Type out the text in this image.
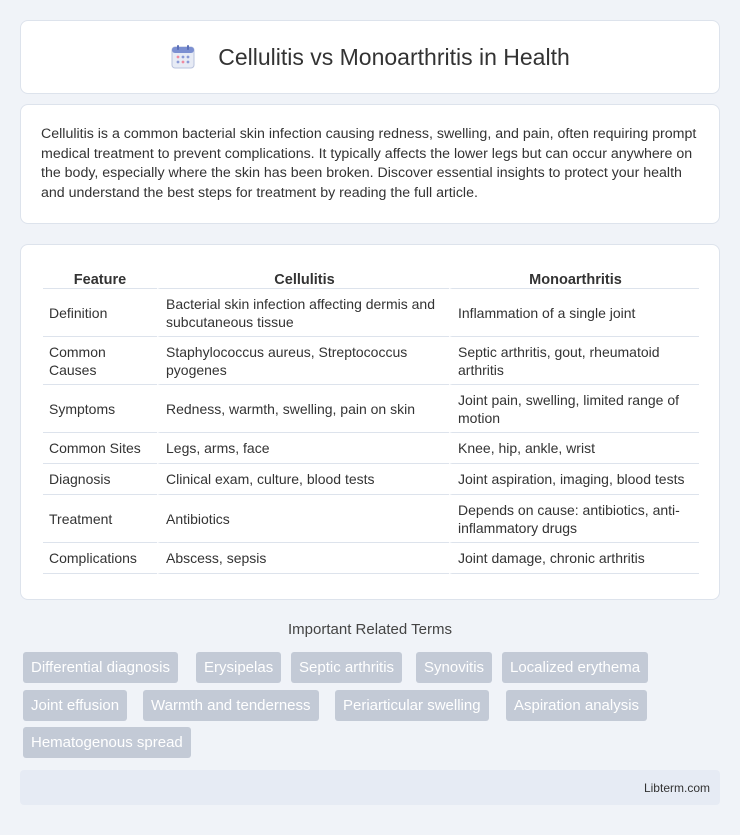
Cellulitis vs Monoarthritis in Health

Cellulitis is a common bacterial skin infection causing redness, swelling, and pain, often requiring prompt medical treatment to prevent complications. It typically affects the lower legs but can occur anywhere on the body, especially where the skin has been broken. Discover essential insights to protect your health and understand the best steps for treatment by reading the full article.

Feature	Cellulitis	Monoarthritis
Definition	Bacterial skin infection affecting dermis and subcutaneous tissue	Inflammation of a single joint
Common Causes	Staphylococcus aureus, Streptococcus pyogenes	Septic arthritis, gout, rheumatoid arthritis
Symptoms	Redness, warmth, swelling, pain on skin	Joint pain, swelling, limited range of motion
Common Sites	Legs, arms, face	Knee, hip, ankle, wrist
Diagnosis	Clinical exam, culture, blood tests	Joint aspiration, imaging, blood tests
Treatment	Antibiotics	Depends on cause: antibiotics, anti-inflammatory drugs
Complications	Abscess, sepsis	Joint damage, chronic arthritis
Important Related Terms
Differential diagnosis	Erysipelas	Septic arthritis	Synovitis	Localized erythema
Joint effusion	Warmth and tenderness	Periarticular swelling	Aspiration analysis
Hematogenous spread
Libterm.com
